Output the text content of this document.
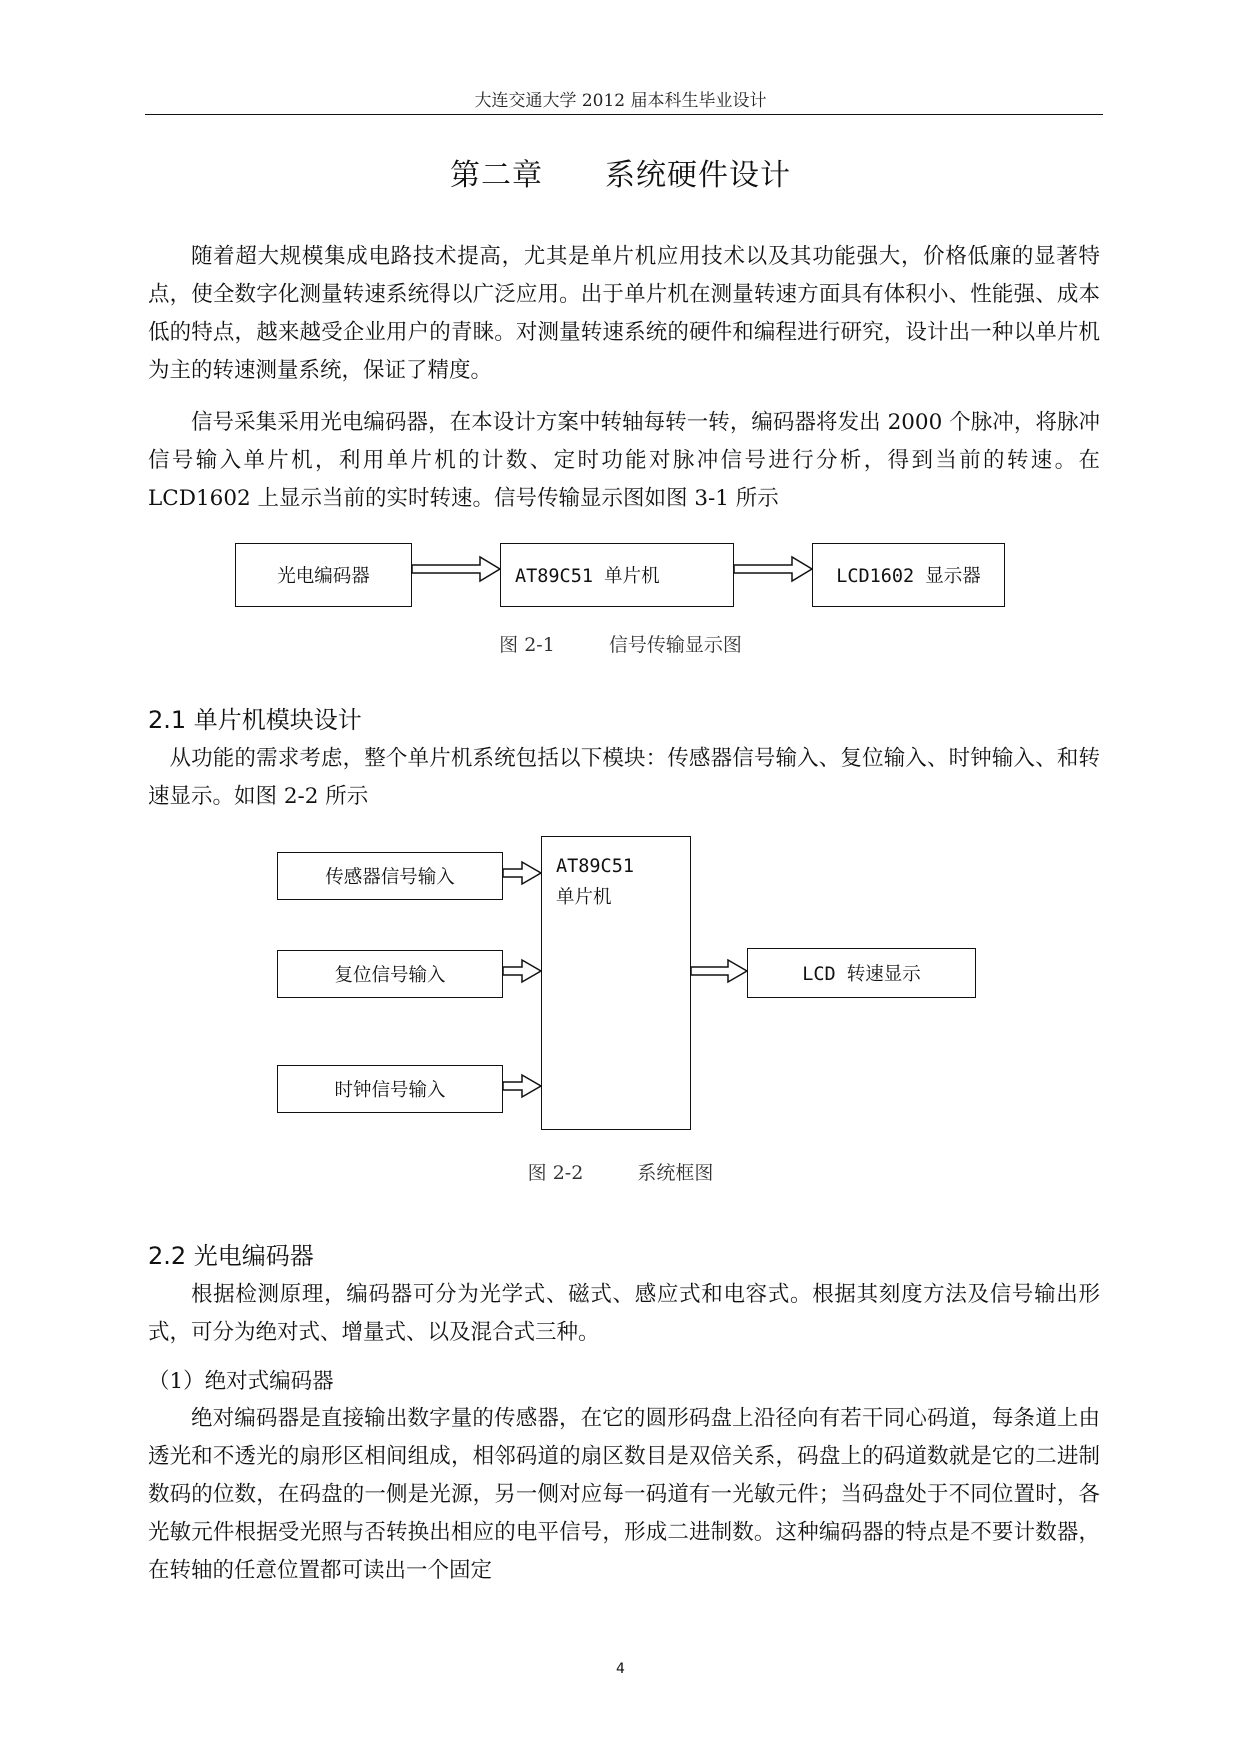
大连交通大学 2012 届本科生毕业设计
第二章 系统硬件设计

随着超大规模集成电路技术提高，尤其是单片机应用技术以及其功能强大，价格低廉的显著特点，使全数字化测量转速系统得以广泛应用。出于单片机在测量转速方面具有体积小、性能强、成本低的特点，越来越受企业用户的青睐。对测量转速系统的硬件和编程进行研究，设计出一种以单片机为主的转速测量系统，保证了精度。

信号采集采用光电编码器，在本设计方案中转轴每转一转，编码器将发出 2000 个脉冲，将脉冲信号输入单片机，利用单片机的计数、定时功能对脉冲信号进行分析，得到当前的转速。在 LCD1602 上显示当前的实时转速。信号传输显示图如图 3-1 所示

光电编码器	AT89C51 单片机	LCD1602 显示器
图 2-1	信号传输显示图
2.1 单片机模块设计

从功能的需求考虑，整个单片机系统包括以下模块：传感器信号输入、复位输入、时钟输入、和转速显示。如图 2-2 所示

传感器信号输入
复位信号输入
时钟信号输入
AT89C51
单片机
LCD 转速显示
图 2-2	系统框图
2.2 光电编码器

根据检测原理，编码器可分为光学式、磁式、感应式和电容式。根据其刻度方法及信号输出形式，可分为绝对式、增量式、以及混合式三种。

（1）绝对式编码器

绝对编码器是直接输出数字量的传感器，在它的圆形码盘上沿径向有若干同心码道，每条道上由透光和不透光的扇形区相间组成，相邻码道的扇区数目是双倍关系，码盘上的码道数就是它的二进制数码的位数，在码盘的一侧是光源，另一侧对应每一码道有一光敏元件；当码盘处于不同位置时，各光敏元件根据受光照与否转换出相应的电平信号，形成二进制数。这种编码器的特点是不要计数器，在转轴的任意位置都可读出一个固定

4
